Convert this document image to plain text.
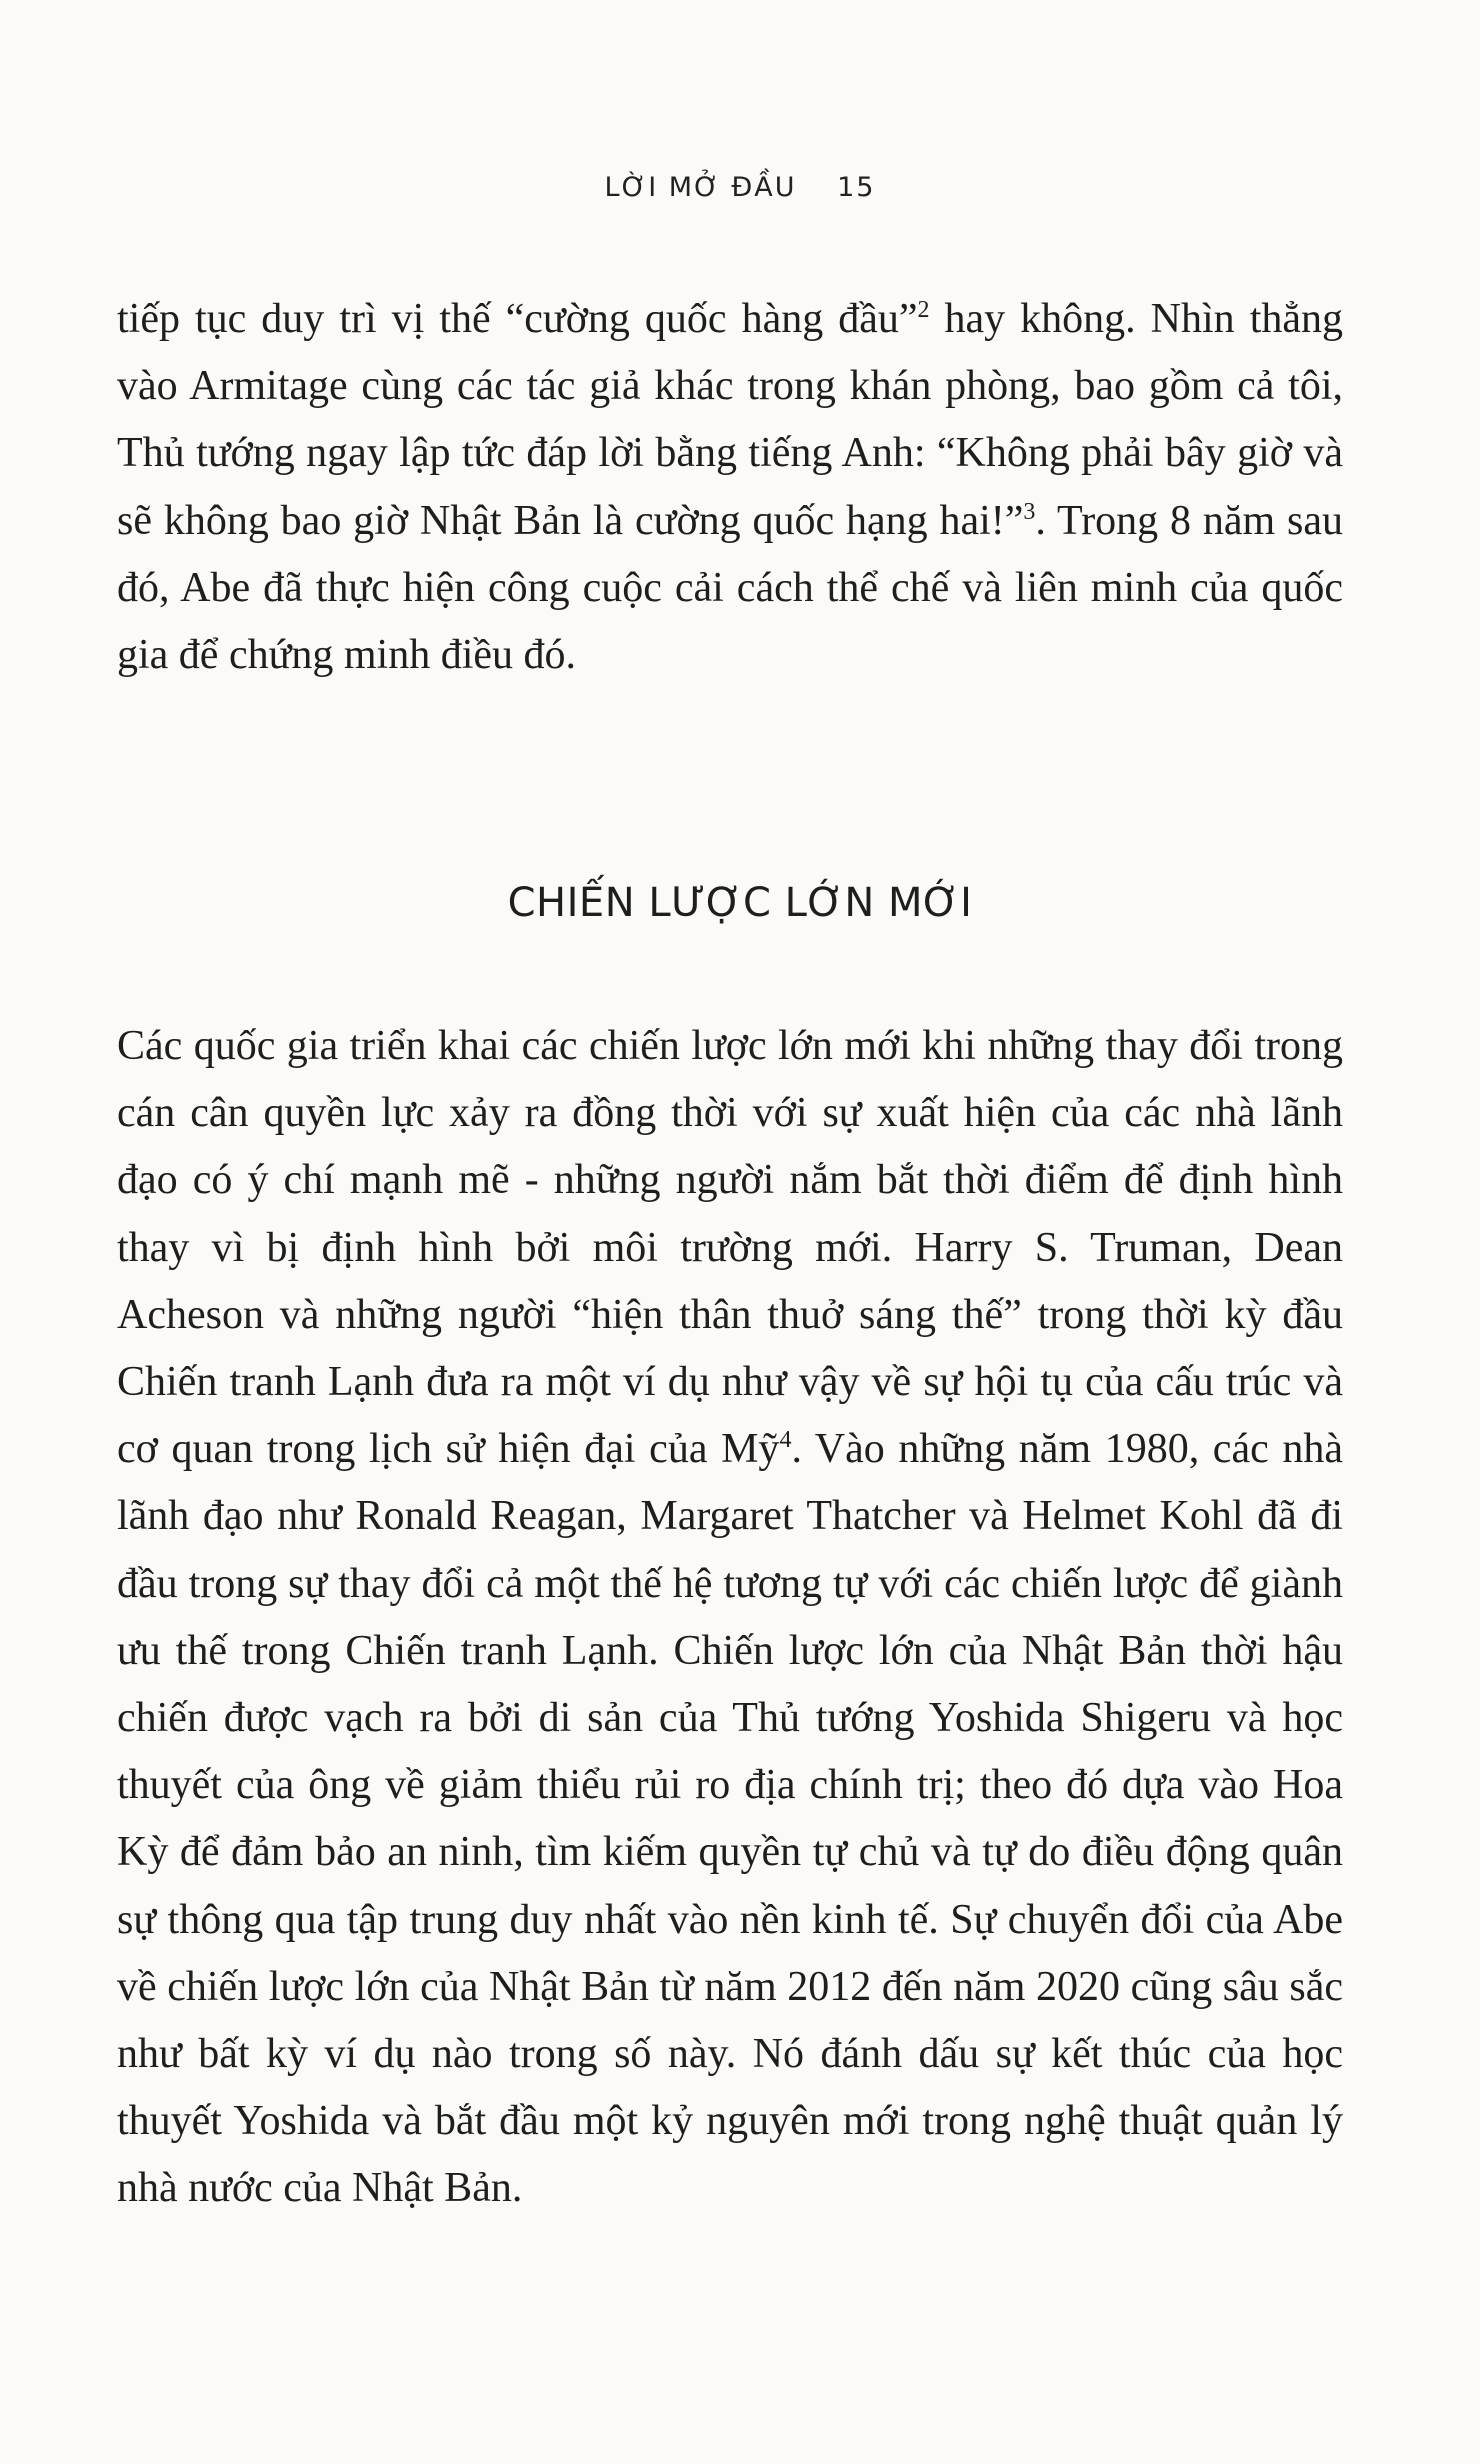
LỜI MỞ ĐẦU 15

tiếp tục duy trì vị thế “cường quốc hàng đầu”$^2$ hay không. Nhìn thẳng vào Armitage cùng các tác giả khác trong khán phòng, bao gồm cả tôi, Thủ tướng ngay lập tức đáp lời bằng tiếng Anh: “Không phải bây giờ và sẽ không bao giờ Nhật Bản là cường quốc hạng hai!”$^3$. Trong 8 năm sau đó, Abe đã thực hiện công cuộc cải cách thể chế và liên minh của quốc gia để chứng minh điều đó.

CHIẾN LƯỢC LỚN MỚI

Các quốc gia triển khai các chiến lược lớn mới khi những thay đổi trong cán cân quyền lực xảy ra đồng thời với sự xuất hiện của các nhà lãnh đạo có ý chí mạnh mẽ - những người nắm bắt thời điểm để định hình thay vì bị định hình bởi môi trường mới. Harry S. Truman, Dean Acheson và những người “hiện thân thuở sáng thế” trong thời kỳ đầu Chiến tranh Lạnh đưa ra một ví dụ như vậy về sự hội tụ của cấu trúc và cơ quan trong lịch sử hiện đại của Mỹ$^4$. Vào những năm 1980, các nhà lãnh đạo như Ronald Reagan, Margaret Thatcher và Helmet Kohl đã đi đầu trong sự thay đổi cả một thế hệ tương tự với các chiến lược để giành ưu thế trong Chiến tranh Lạnh. Chiến lược lớn của Nhật Bản thời hậu chiến được vạch ra bởi di sản của Thủ tướng Yoshida Shigeru và học thuyết của ông về giảm thiểu rủi ro địa chính trị; theo đó dựa vào Hoa Kỳ để đảm bảo an ninh, tìm kiếm quyền tự chủ và tự do điều động quân sự thông qua tập trung duy nhất vào nền kinh tế. Sự chuyển đổi của Abe về chiến lược lớn của Nhật Bản từ năm 2012 đến năm 2020 cũng sâu sắc như bất kỳ ví dụ nào trong số này. Nó đánh dấu sự kết thúc của học thuyết Yoshida và bắt đầu một kỷ nguyên mới trong nghệ thuật quản lý nhà nước của Nhật Bản.
